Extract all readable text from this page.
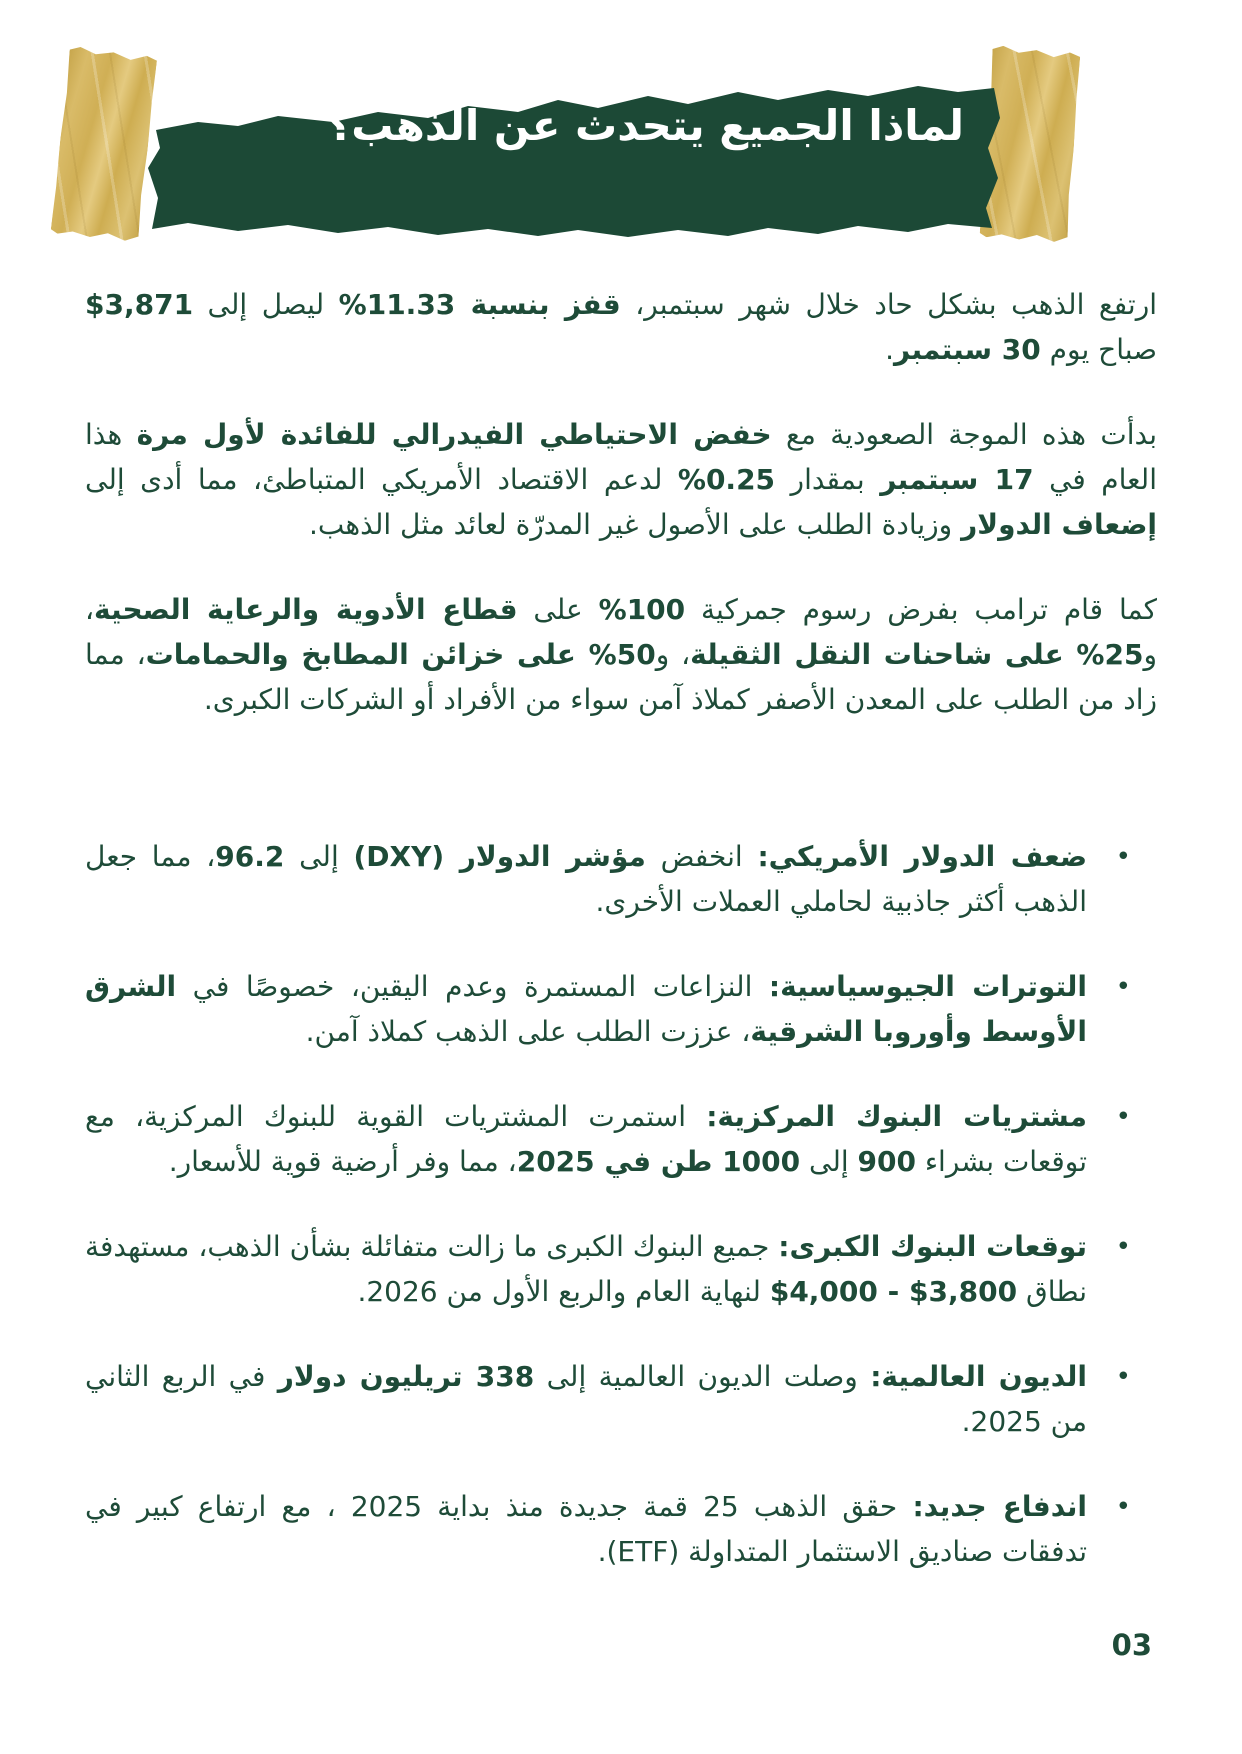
لماذا الجميع يتحدث عن الذهب؟

ارتفع الذهب بشكل حاد خلال شهر سبتمبر، قفز بنسبة 11.33% ليصل إلى 3,871$ صباح يوم 30 سبتمبر.

بدأت هذه الموجة الصعودية مع خفض الاحتياطي الفيدرالي للفائدة لأول مرة هذا العام في 17 سبتمبر بمقدار 0.25% لدعم الاقتصاد الأمريكي المتباطئ، مما أدى إلى إضعاف الدولار وزيادة الطلب على الأصول غير المدرّة لعائد مثل الذهب.

كما قام ترامب بفرض رسوم جمركية 100% على قطاع الأدوية والرعاية الصحية، و25% على شاحنات النقل الثقيلة، و50% على خزائن المطابخ والحمامات، مما زاد من الطلب على المعدن الأصفر كملاذ آمن سواء من الأفراد أو الشركات الكبرى.

• ضعف الدولار الأمريكي: انخفض مؤشر الدولار (DXY) إلى 96.2، مما جعل الذهب أكثر جاذبية لحاملي العملات الأخرى.
• التوترات الجيوسياسية: النزاعات المستمرة وعدم اليقين، خصوصًا في الشرق الأوسط وأوروبا الشرقية، عززت الطلب على الذهب كملاذ آمن.
• مشتريات البنوك المركزية: استمرت المشتريات القوية للبنوك المركزية، مع توقعات بشراء 900 إلى 1000 طن في 2025، مما وفر أرضية قوية للأسعار.
• توقعات البنوك الكبرى: جميع البنوك الكبرى ما زالت متفائلة بشأن الذهب، مستهدفة نطاق 3,800$ - 4,000$ لنهاية العام والربع الأول من 2026.
• الديون العالمية: وصلت الديون العالمية إلى 338 تريليون دولار في الربع الثاني من 2025.
• اندفاع جديد: حقق الذهب 25 قمة جديدة منذ بداية 2025 ، مع ارتفاع كبير في تدفقات صناديق الاستثمار المتداولة (ETF).
03
